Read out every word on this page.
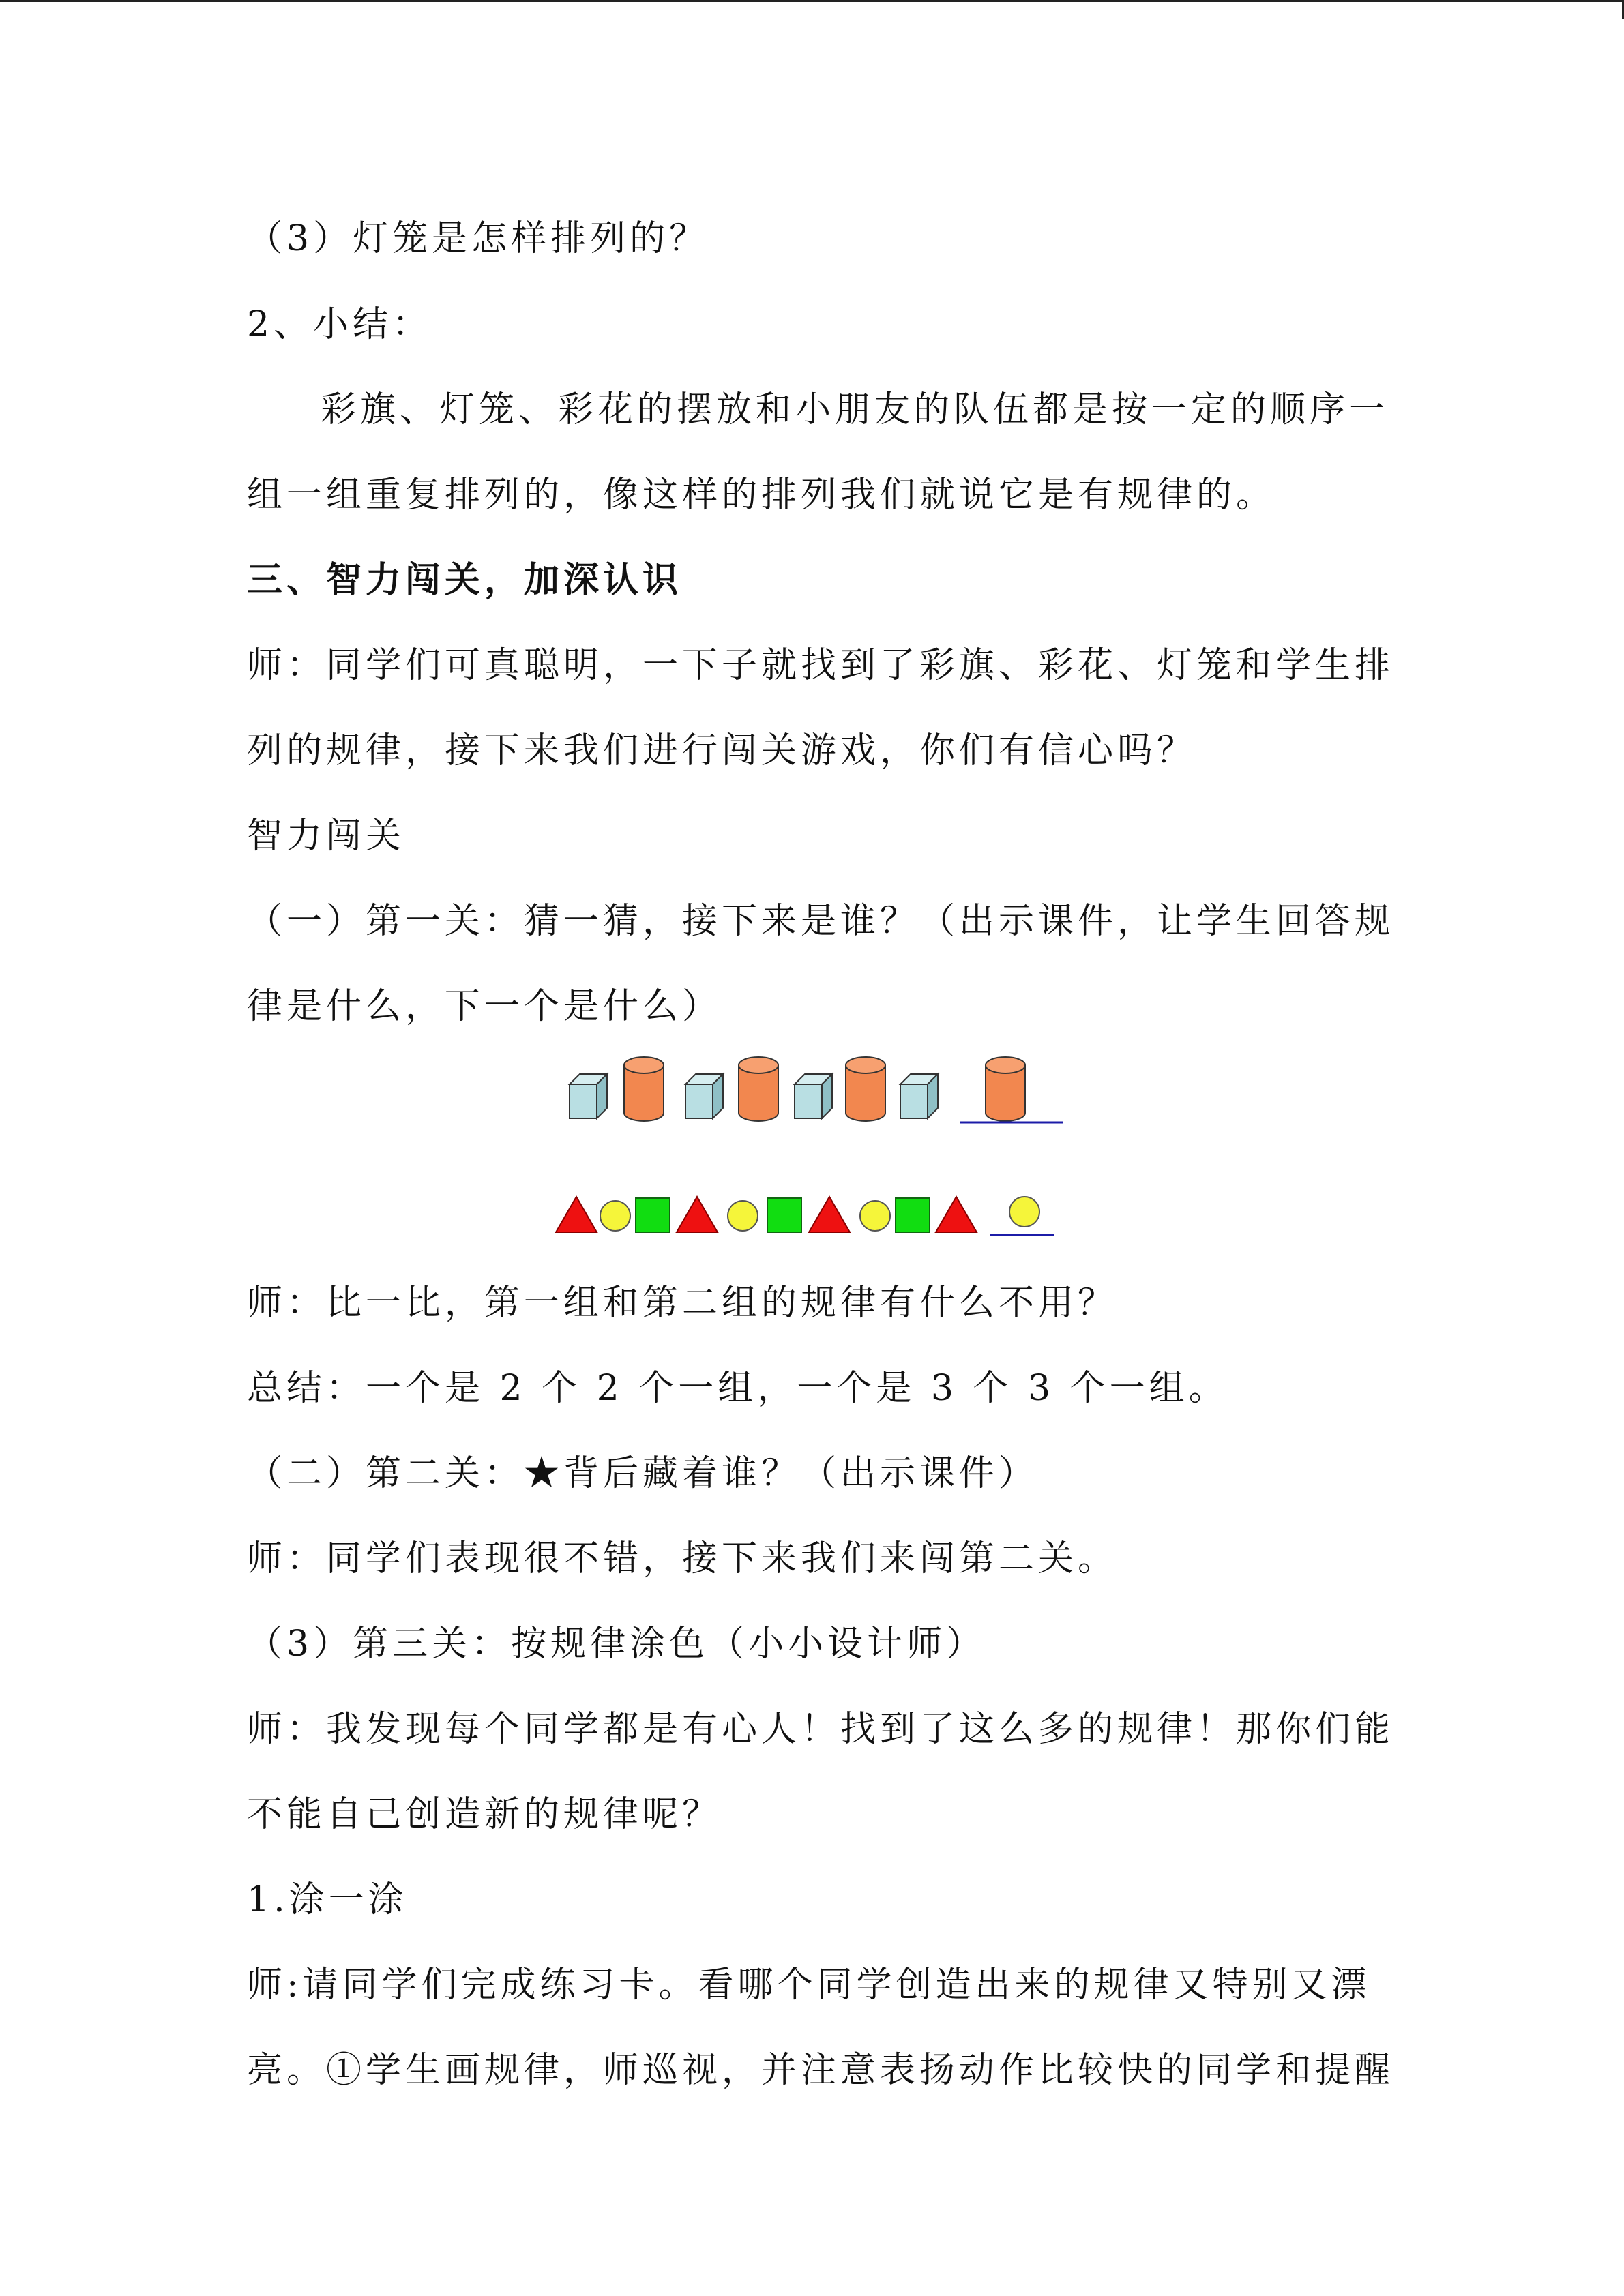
（3）灯笼是怎样排列的？
2、小结：
彩旗、灯笼、彩花的摆放和小朋友的队伍都是按一定的顺序一
组一组重复排列的，像这样的排列我们就说它是有规律的。
三、智力闯关，加深认识
师：同学们可真聪明，一下子就找到了彩旗、彩花、灯笼和学生排
列的规律，接下来我们进行闯关游戏，你们有信心吗？
智力闯关
（一）第一关：猜一猜，接下来是谁？（出示课件，让学生回答规
律是什么，下一个是什么）
师：比一比，第一组和第二组的规律有什么不用？
总结：一个是 2 个 2 个一组，一个是 3 个 3 个一组。
（二）第二关：★背后藏着谁？（出示课件）
师：同学们表现很不错，接下来我们来闯第二关。
（3）第三关：按规律涂色（小小设计师）
师：我发现每个同学都是有心人！找到了这么多的规律！那你们能
不能自己创造新的规律呢？
1.涂一涂
师:请同学们完成练习卡。看哪个同学创造出来的规律又特别又漂
亮。①学生画规律，师巡视，并注意表扬动作比较快的同学和提醒
